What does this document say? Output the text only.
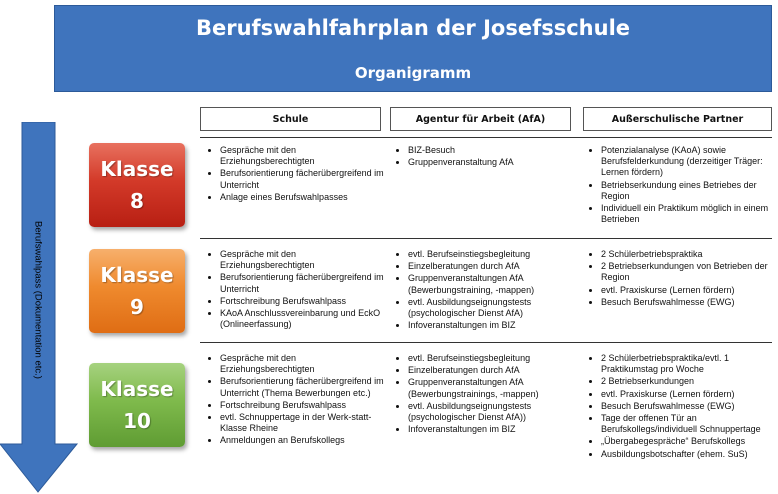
Berufswahlfahrplan der Josefsschule
Organigramm
Schule	Agentur für Arbeit (AfA)	Außerschulische Partner
Berufswahlpass (Dokumentation etc.)
Klasse
8
Klasse
9
Klasse
10
• Gespräche mit den Erziehungsberechtigten
• Berufsorientierung fächerübergreifend im Unterricht
• Anlage eines Berufswahlpasses
• BIZ-Besuch
• Gruppenveranstaltung AfA
• Potenzialanalyse (KAoA) sowie Berufsfelderkundung (derzeitiger Träger: Lernen fördern)
• Betriebserkundung eines Betriebes der Region
• Individuell ein Praktikum möglich in einem Betrieben
• Gespräche mit den Erziehungsberechtigten
• Berufsorientierung fächerübergreifend im Unterricht
• Fortschreibung Berufswahlpass
• KAoA Anschlussvereinbarung und EckO (Onlineerfassung)
• evtl. Berufseinstiegsbegleitung
• Einzelberatungen durch AfA
• Gruppenveranstaltungen AfA (Bewerbungstraining, -mappen)
• evtl. Ausbildungseignungstests (psychologischer Dienst AfA)
• Infoveranstaltungen im BIZ
• 2 Schülerbetriebspraktika
• 2 Betriebserkundungen von Betrieben der Region
• evtl. Praxiskurse (Lernen fördern)
• Besuch Berufswahlmesse (EWG)
• Gespräche mit den Erziehungsberechtigten
• Berufsorientierung fächerübergreifend im Unterricht (Thema Bewerbungen etc.)
• Fortschreibung Berufswahlpass
• evtl. Schnuppertage in der Werk-statt-Klasse Rheine
• Anmeldungen an Berufskollegs
• evtl. Berufseinstiegsbegleitung
• Einzelberatungen durch AfA
• Gruppenveranstaltungen AfA (Bewerbungstrainings, -mappen)
• evtl. Ausbildungseignungstests (psychologischer Dienst AfA))
• Infoveranstaltungen im BIZ
• 2 Schülerbetriebspraktika/evtl. 1 Praktikumstag pro Woche
• 2 Betriebserkundungen
• evtl. Praxiskurse (Lernen fördern)
• Besuch Berufswahlmesse (EWG)
• Tage der offenen Tür an Berufskollegs/individuell Schnuppertage
• „Übergabegespräche“ Berufskollegs
• Ausbildungsbotschafter (ehem. SuS)
